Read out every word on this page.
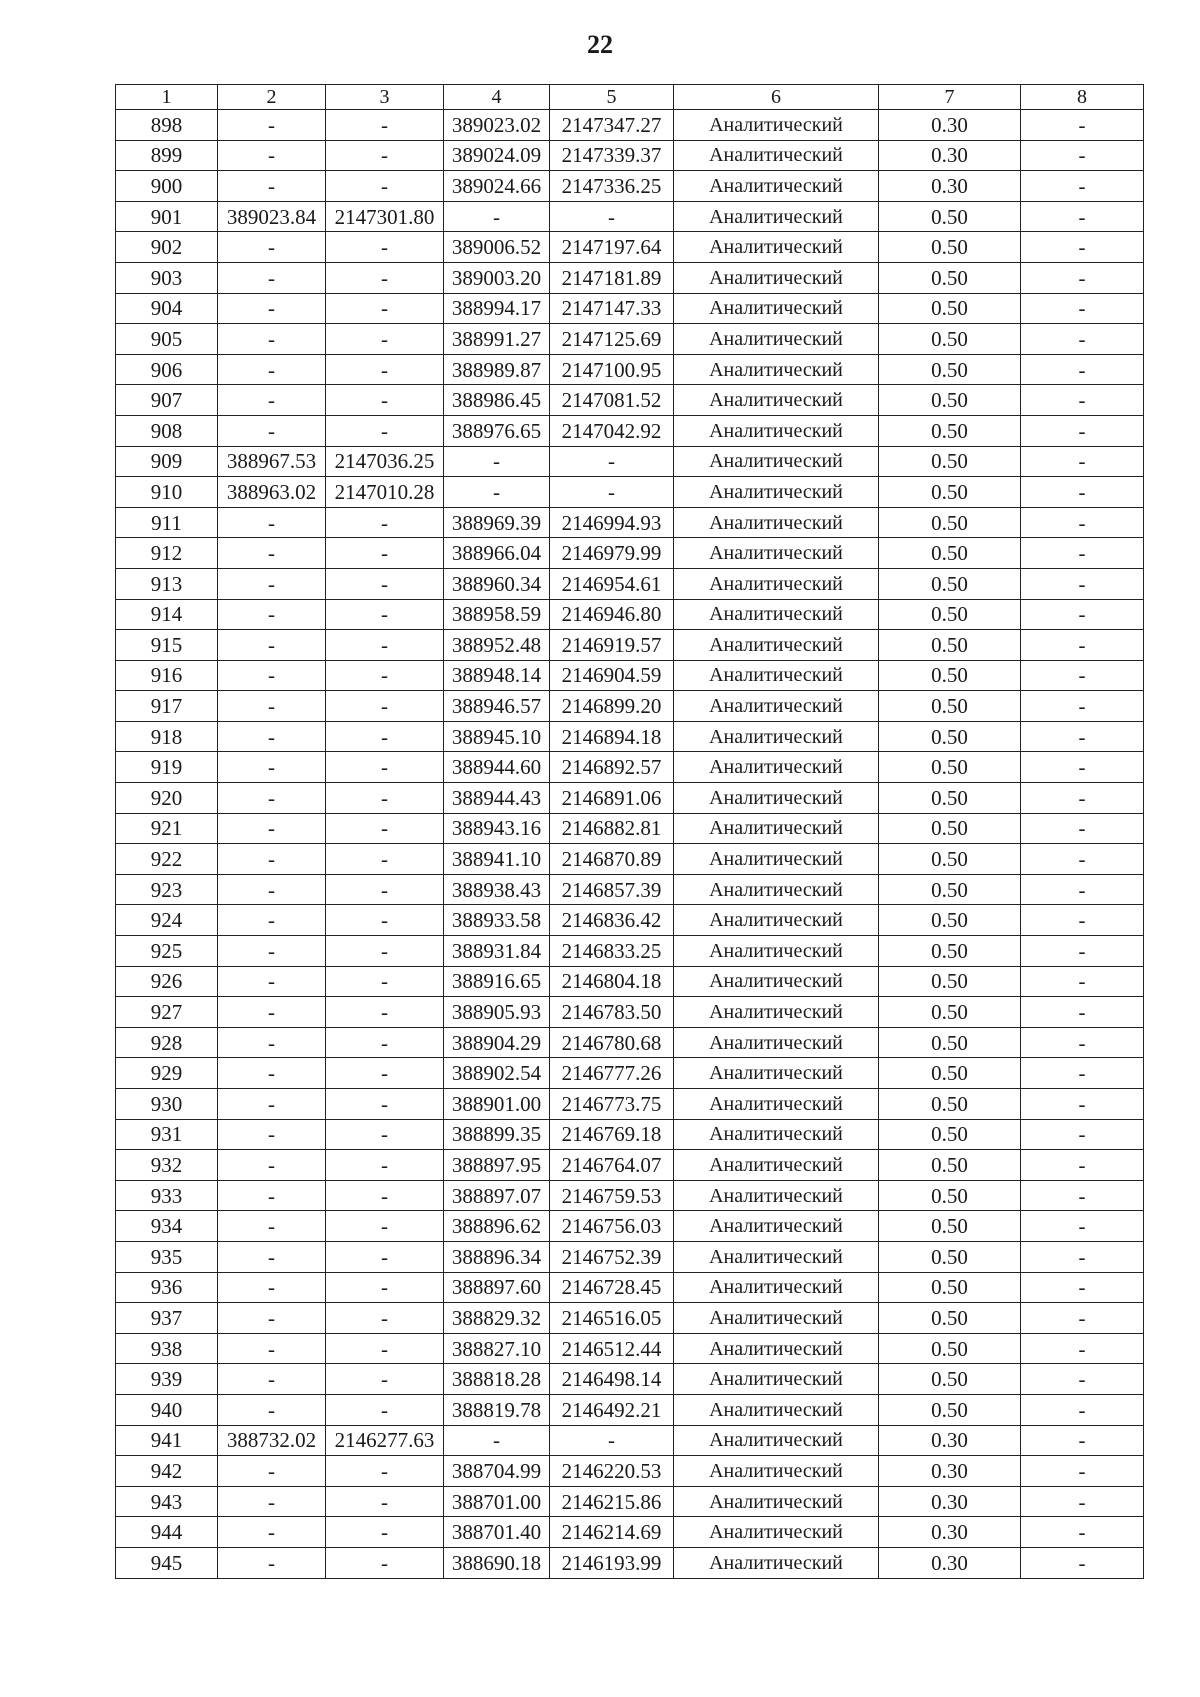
22
1	2	3	4	5	6	7	8
898	-	-	389023.02	2147347.27	Аналитический	0.30	-
899	-	-	389024.09	2147339.37	Аналитический	0.30	-
900	-	-	389024.66	2147336.25	Аналитический	0.30	-
901	389023.84	2147301.80	-	-	Аналитический	0.50	-
902	-	-	389006.52	2147197.64	Аналитический	0.50	-
903	-	-	389003.20	2147181.89	Аналитический	0.50	-
904	-	-	388994.17	2147147.33	Аналитический	0.50	-
905	-	-	388991.27	2147125.69	Аналитический	0.50	-
906	-	-	388989.87	2147100.95	Аналитический	0.50	-
907	-	-	388986.45	2147081.52	Аналитический	0.50	-
908	-	-	388976.65	2147042.92	Аналитический	0.50	-
909	388967.53	2147036.25	-	-	Аналитический	0.50	-
910	388963.02	2147010.28	-	-	Аналитический	0.50	-
911	-	-	388969.39	2146994.93	Аналитический	0.50	-
912	-	-	388966.04	2146979.99	Аналитический	0.50	-
913	-	-	388960.34	2146954.61	Аналитический	0.50	-
914	-	-	388958.59	2146946.80	Аналитический	0.50	-
915	-	-	388952.48	2146919.57	Аналитический	0.50	-
916	-	-	388948.14	2146904.59	Аналитический	0.50	-
917	-	-	388946.57	2146899.20	Аналитический	0.50	-
918	-	-	388945.10	2146894.18	Аналитический	0.50	-
919	-	-	388944.60	2146892.57	Аналитический	0.50	-
920	-	-	388944.43	2146891.06	Аналитический	0.50	-
921	-	-	388943.16	2146882.81	Аналитический	0.50	-
922	-	-	388941.10	2146870.89	Аналитический	0.50	-
923	-	-	388938.43	2146857.39	Аналитический	0.50	-
924	-	-	388933.58	2146836.42	Аналитический	0.50	-
925	-	-	388931.84	2146833.25	Аналитический	0.50	-
926	-	-	388916.65	2146804.18	Аналитический	0.50	-
927	-	-	388905.93	2146783.50	Аналитический	0.50	-
928	-	-	388904.29	2146780.68	Аналитический	0.50	-
929	-	-	388902.54	2146777.26	Аналитический	0.50	-
930	-	-	388901.00	2146773.75	Аналитический	0.50	-
931	-	-	388899.35	2146769.18	Аналитический	0.50	-
932	-	-	388897.95	2146764.07	Аналитический	0.50	-
933	-	-	388897.07	2146759.53	Аналитический	0.50	-
934	-	-	388896.62	2146756.03	Аналитический	0.50	-
935	-	-	388896.34	2146752.39	Аналитический	0.50	-
936	-	-	388897.60	2146728.45	Аналитический	0.50	-
937	-	-	388829.32	2146516.05	Аналитический	0.50	-
938	-	-	388827.10	2146512.44	Аналитический	0.50	-
939	-	-	388818.28	2146498.14	Аналитический	0.50	-
940	-	-	388819.78	2146492.21	Аналитический	0.50	-
941	388732.02	2146277.63	-	-	Аналитический	0.30	-
942	-	-	388704.99	2146220.53	Аналитический	0.30	-
943	-	-	388701.00	2146215.86	Аналитический	0.30	-
944	-	-	388701.40	2146214.69	Аналитический	0.30	-
945	-	-	388690.18	2146193.99	Аналитический	0.30	-
